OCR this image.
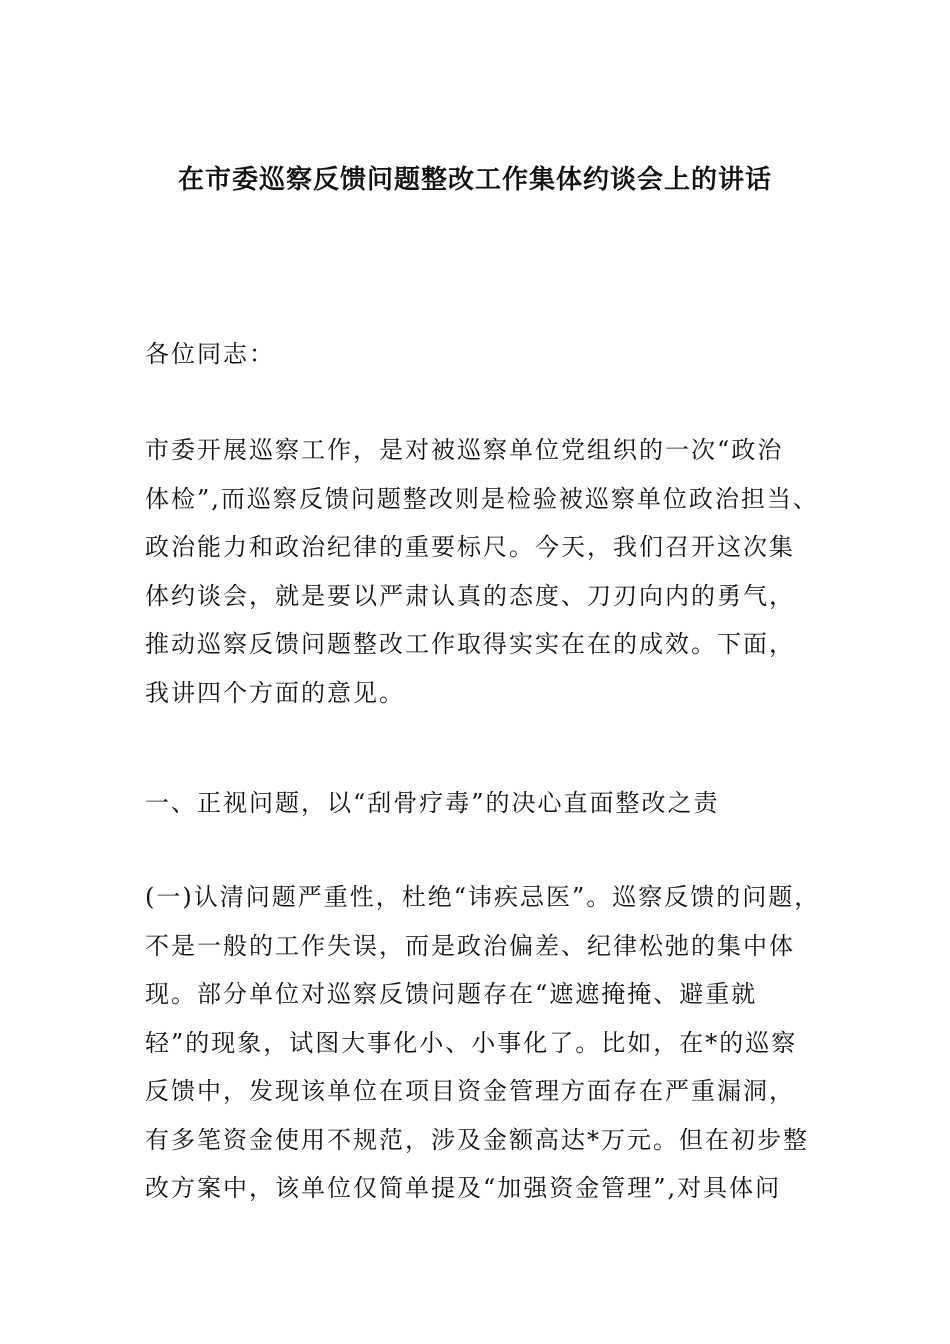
在市委巡察反馈问题整改工作集体约谈会上的讲话

各位同志：

市委开展巡察工作，是对被巡察单位党组织的一次“政治
体检”,而巡察反馈问题整改则是检验被巡察单位政治担当、
政治能力和政治纪律的重要标尺。今天，我们召开这次集
体约谈会，就是要以严肃认真的态度、刀刃向内的勇气，
推动巡察反馈问题整改工作取得实实在在的成效。下面，
我讲四个方面的意见。

一、正视问题，以“刮骨疗毒”的决心直面整改之责

(一)认清问题严重性，杜绝“讳疾忌医”。巡察反馈的问题，
不是一般的工作失误，而是政治偏差、纪律松弛的集中体
现。部分单位对巡察反馈问题存在“遮遮掩掩、避重就
轻”的现象，试图大事化小、小事化了。比如，在*的巡察
反馈中，发现该单位在项目资金管理方面存在严重漏洞，
有多笔资金使用不规范，涉及金额高达*万元。但在初步整
改方案中，该单位仅简单提及“加强资金管理”,对具体问
